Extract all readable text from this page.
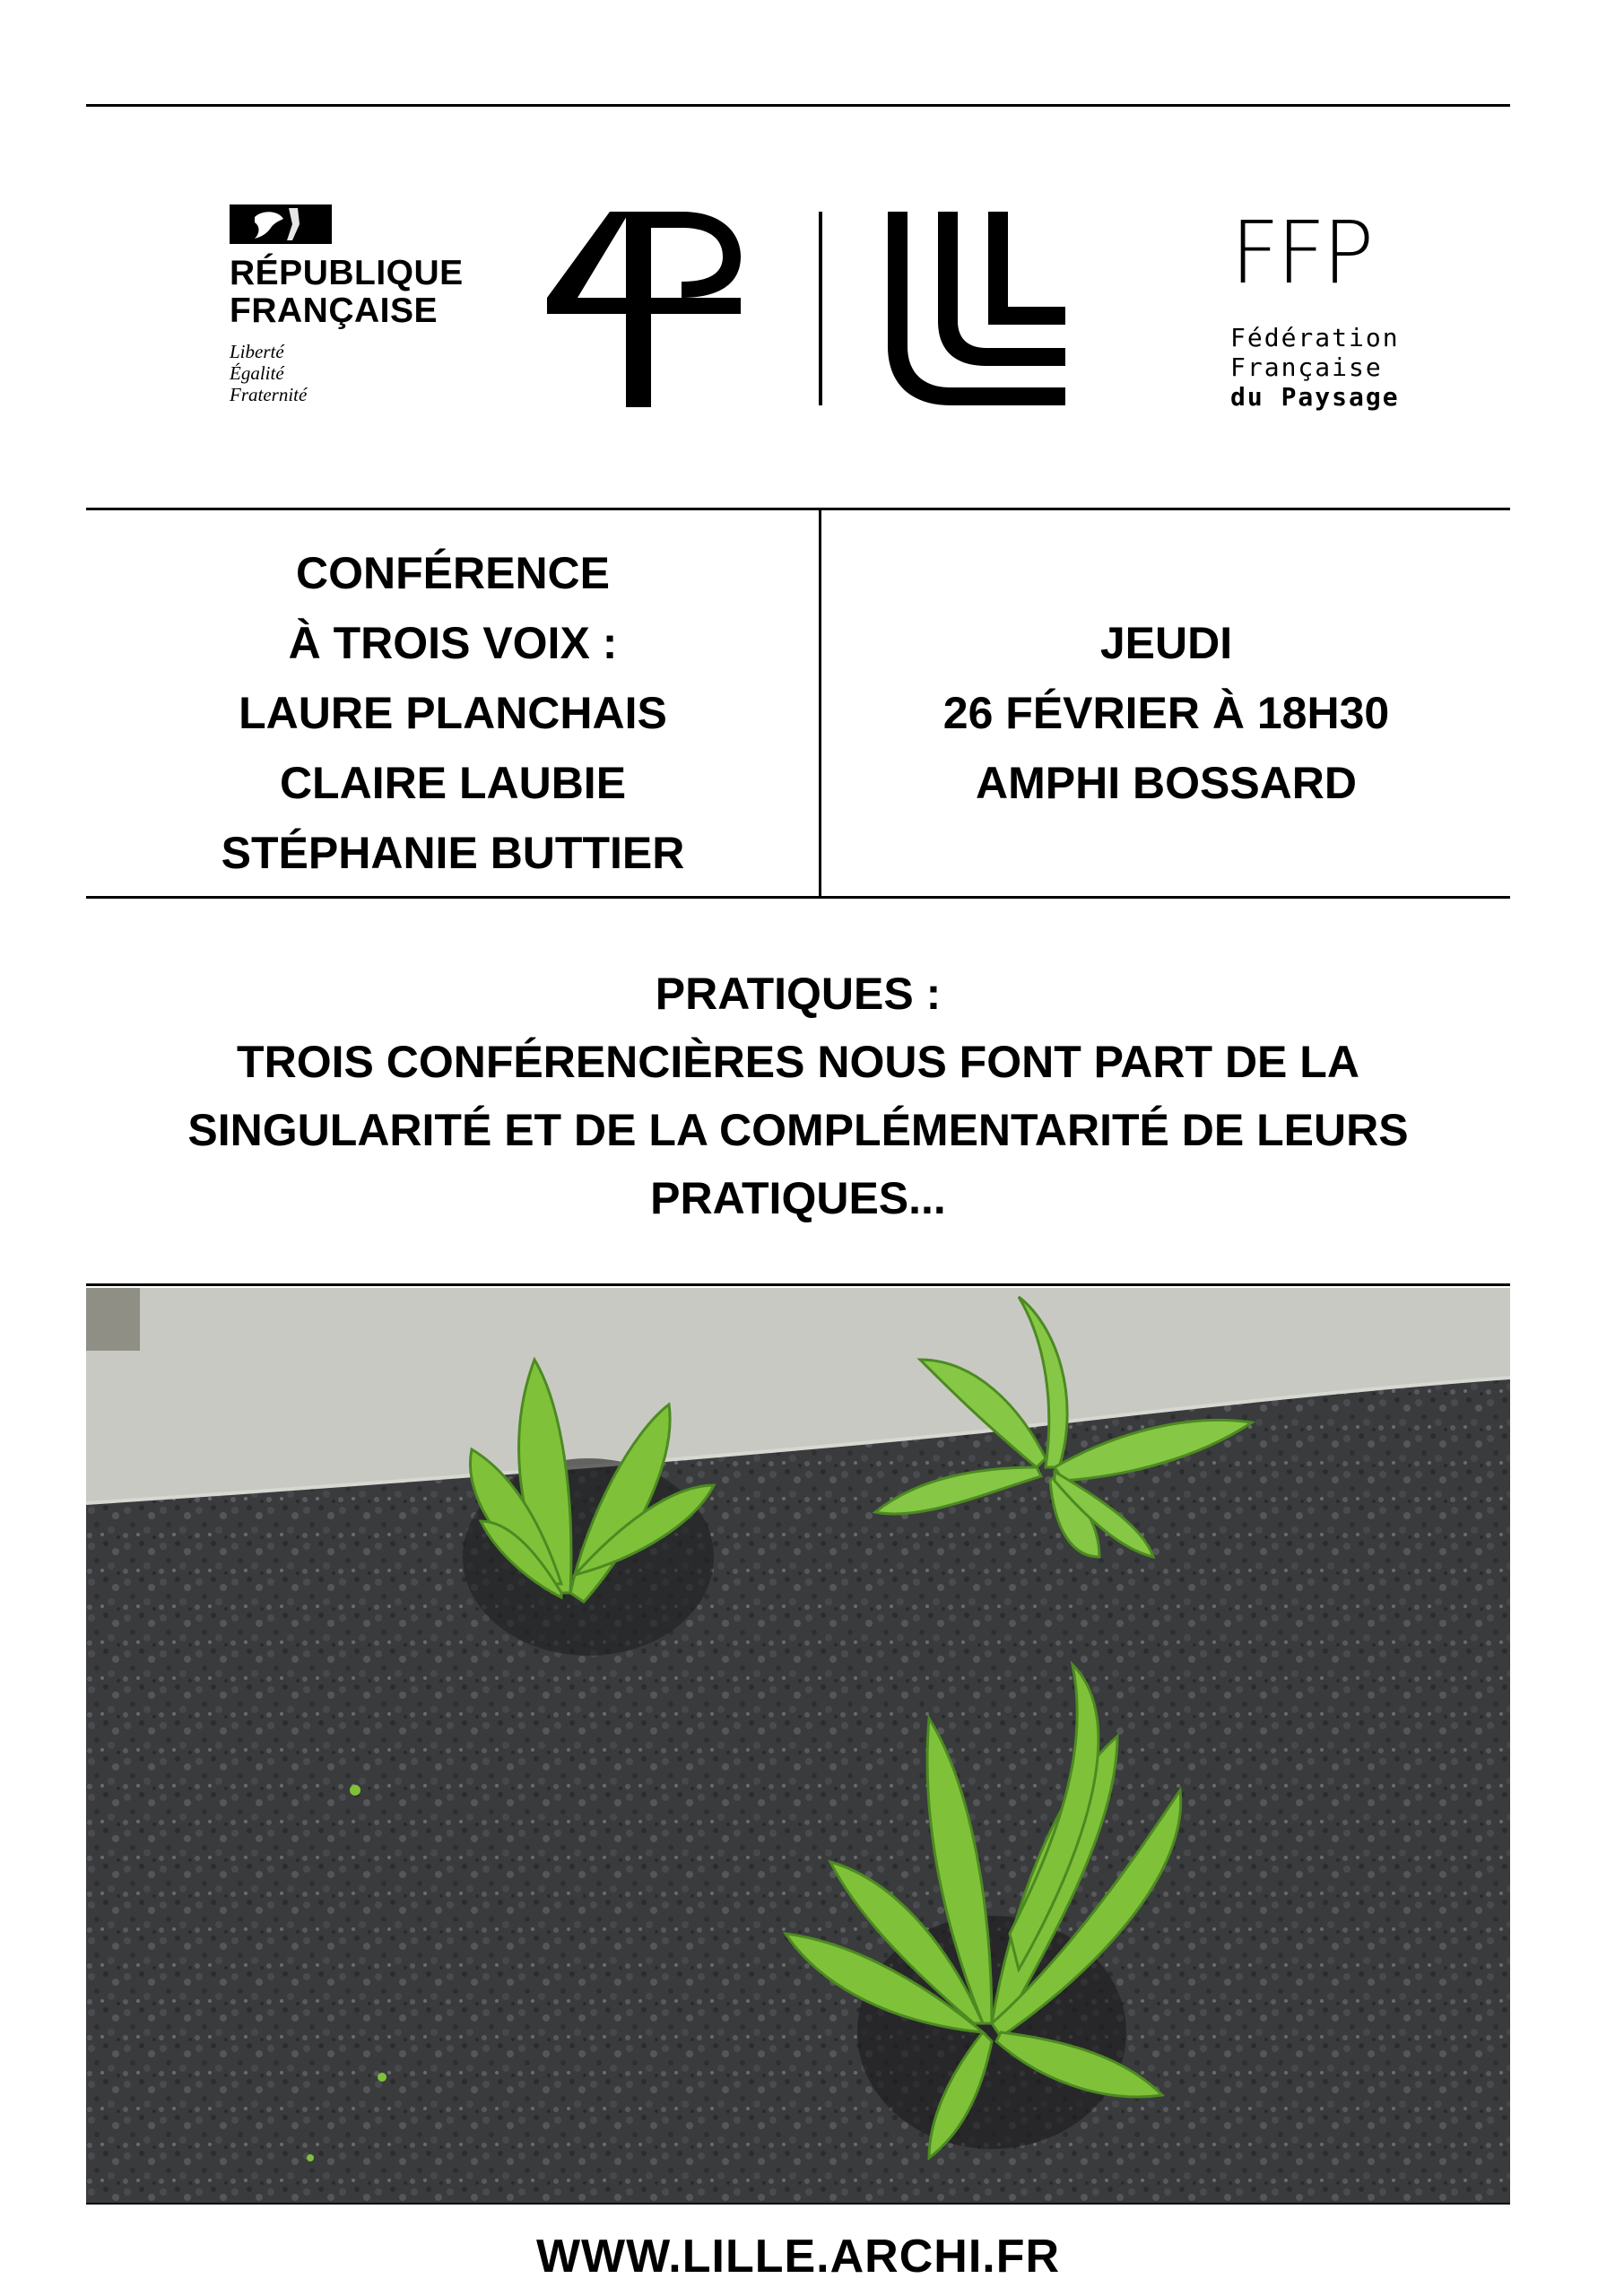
RÉPUBLIQUE
FRANÇAISE
Liberté
Égalité
Fraternité
FFP
Fédération
Française
du Paysage
CONFÉRENCE
À TROIS VOIX :
LAURE PLANCHAIS
CLAIRE LAUBIE
STÉPHANIE BUTTIER
JEUDI
26 FÉVRIER À 18H30
AMPHI BOSSARD
PRATIQUES :
TROIS CONFÉRENCIÈRES NOUS FONT PART DE LA
SINGULARITÉ ET DE LA COMPLÉMENTARITÉ DE LEURS
PRATIQUES...
WWW.LILLE.ARCHI.FR
